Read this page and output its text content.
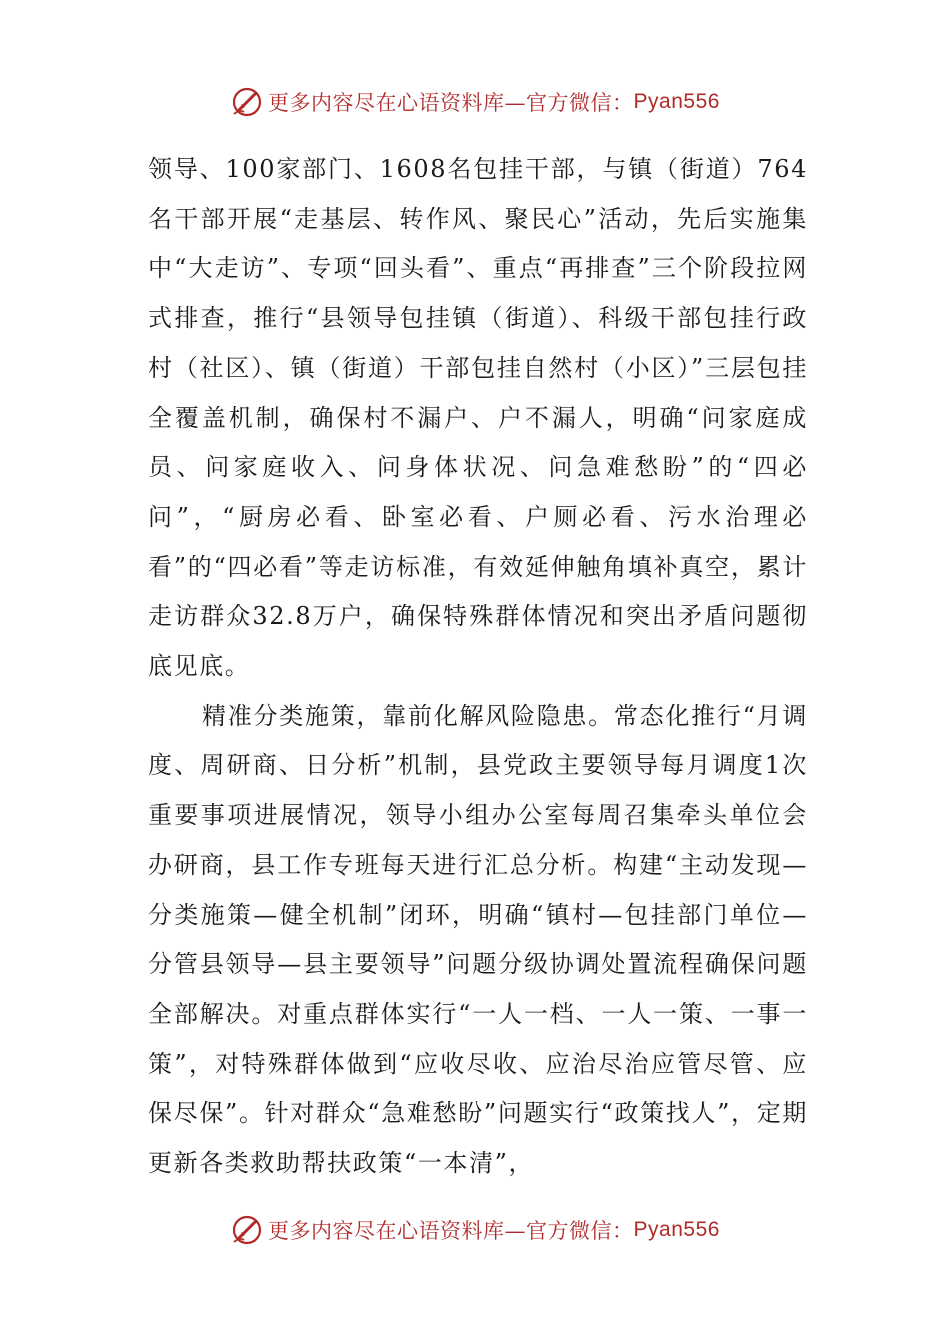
更多内容尽在心语资料库—官方微信： Pyan556

领导、100家部门、1608名包挂干部，与镇（街道）764名干部开展“走基层、转作风、聚民心”活动，先后实施集中“大走访”、专项“回头看”、重点“再排查”三个阶段拉网式排查，推行“县领导包挂镇（街道）、科级干部包挂行政村（社区）、镇（街道）干部包挂自然村（小区）”三层包挂全覆盖机制，确保村不漏户、户不漏人，明确“问家庭成员、问家庭收入、问身体状况、问急难愁盼”的“四必问”，“厨房必看、卧室必看、户厕必看、污水治理必看”的“四必看”等走访标准，有效延伸触角填补真空，累计走访群众32.8万户，确保特殊群体情况和突出矛盾问题彻底见底。

精准分类施策，靠前化解风险隐患。常态化推行“月调度、周研商、日分析”机制，县党政主要领导每月调度1次重要事项进展情况，领导小组办公室每周召集牵头单位会办研商，县工作专班每天进行汇总分析。构建“主动发现—分类施策—健全机制”闭环，明确“镇村—包挂部门单位—分管县领导—县主要领导”问题分级协调处置流程确保问题全部解决。对重点群体实行“一人一档、一人一策、一事一策”，对特殊群体做到“应收尽收、应治尽治应管尽管、应保尽保”。针对群众“急难愁盼”问题实行“政策找人”，定期更新各类救助帮扶政策“一本清”，

更多内容尽在心语资料库—官方微信： Pyan556
